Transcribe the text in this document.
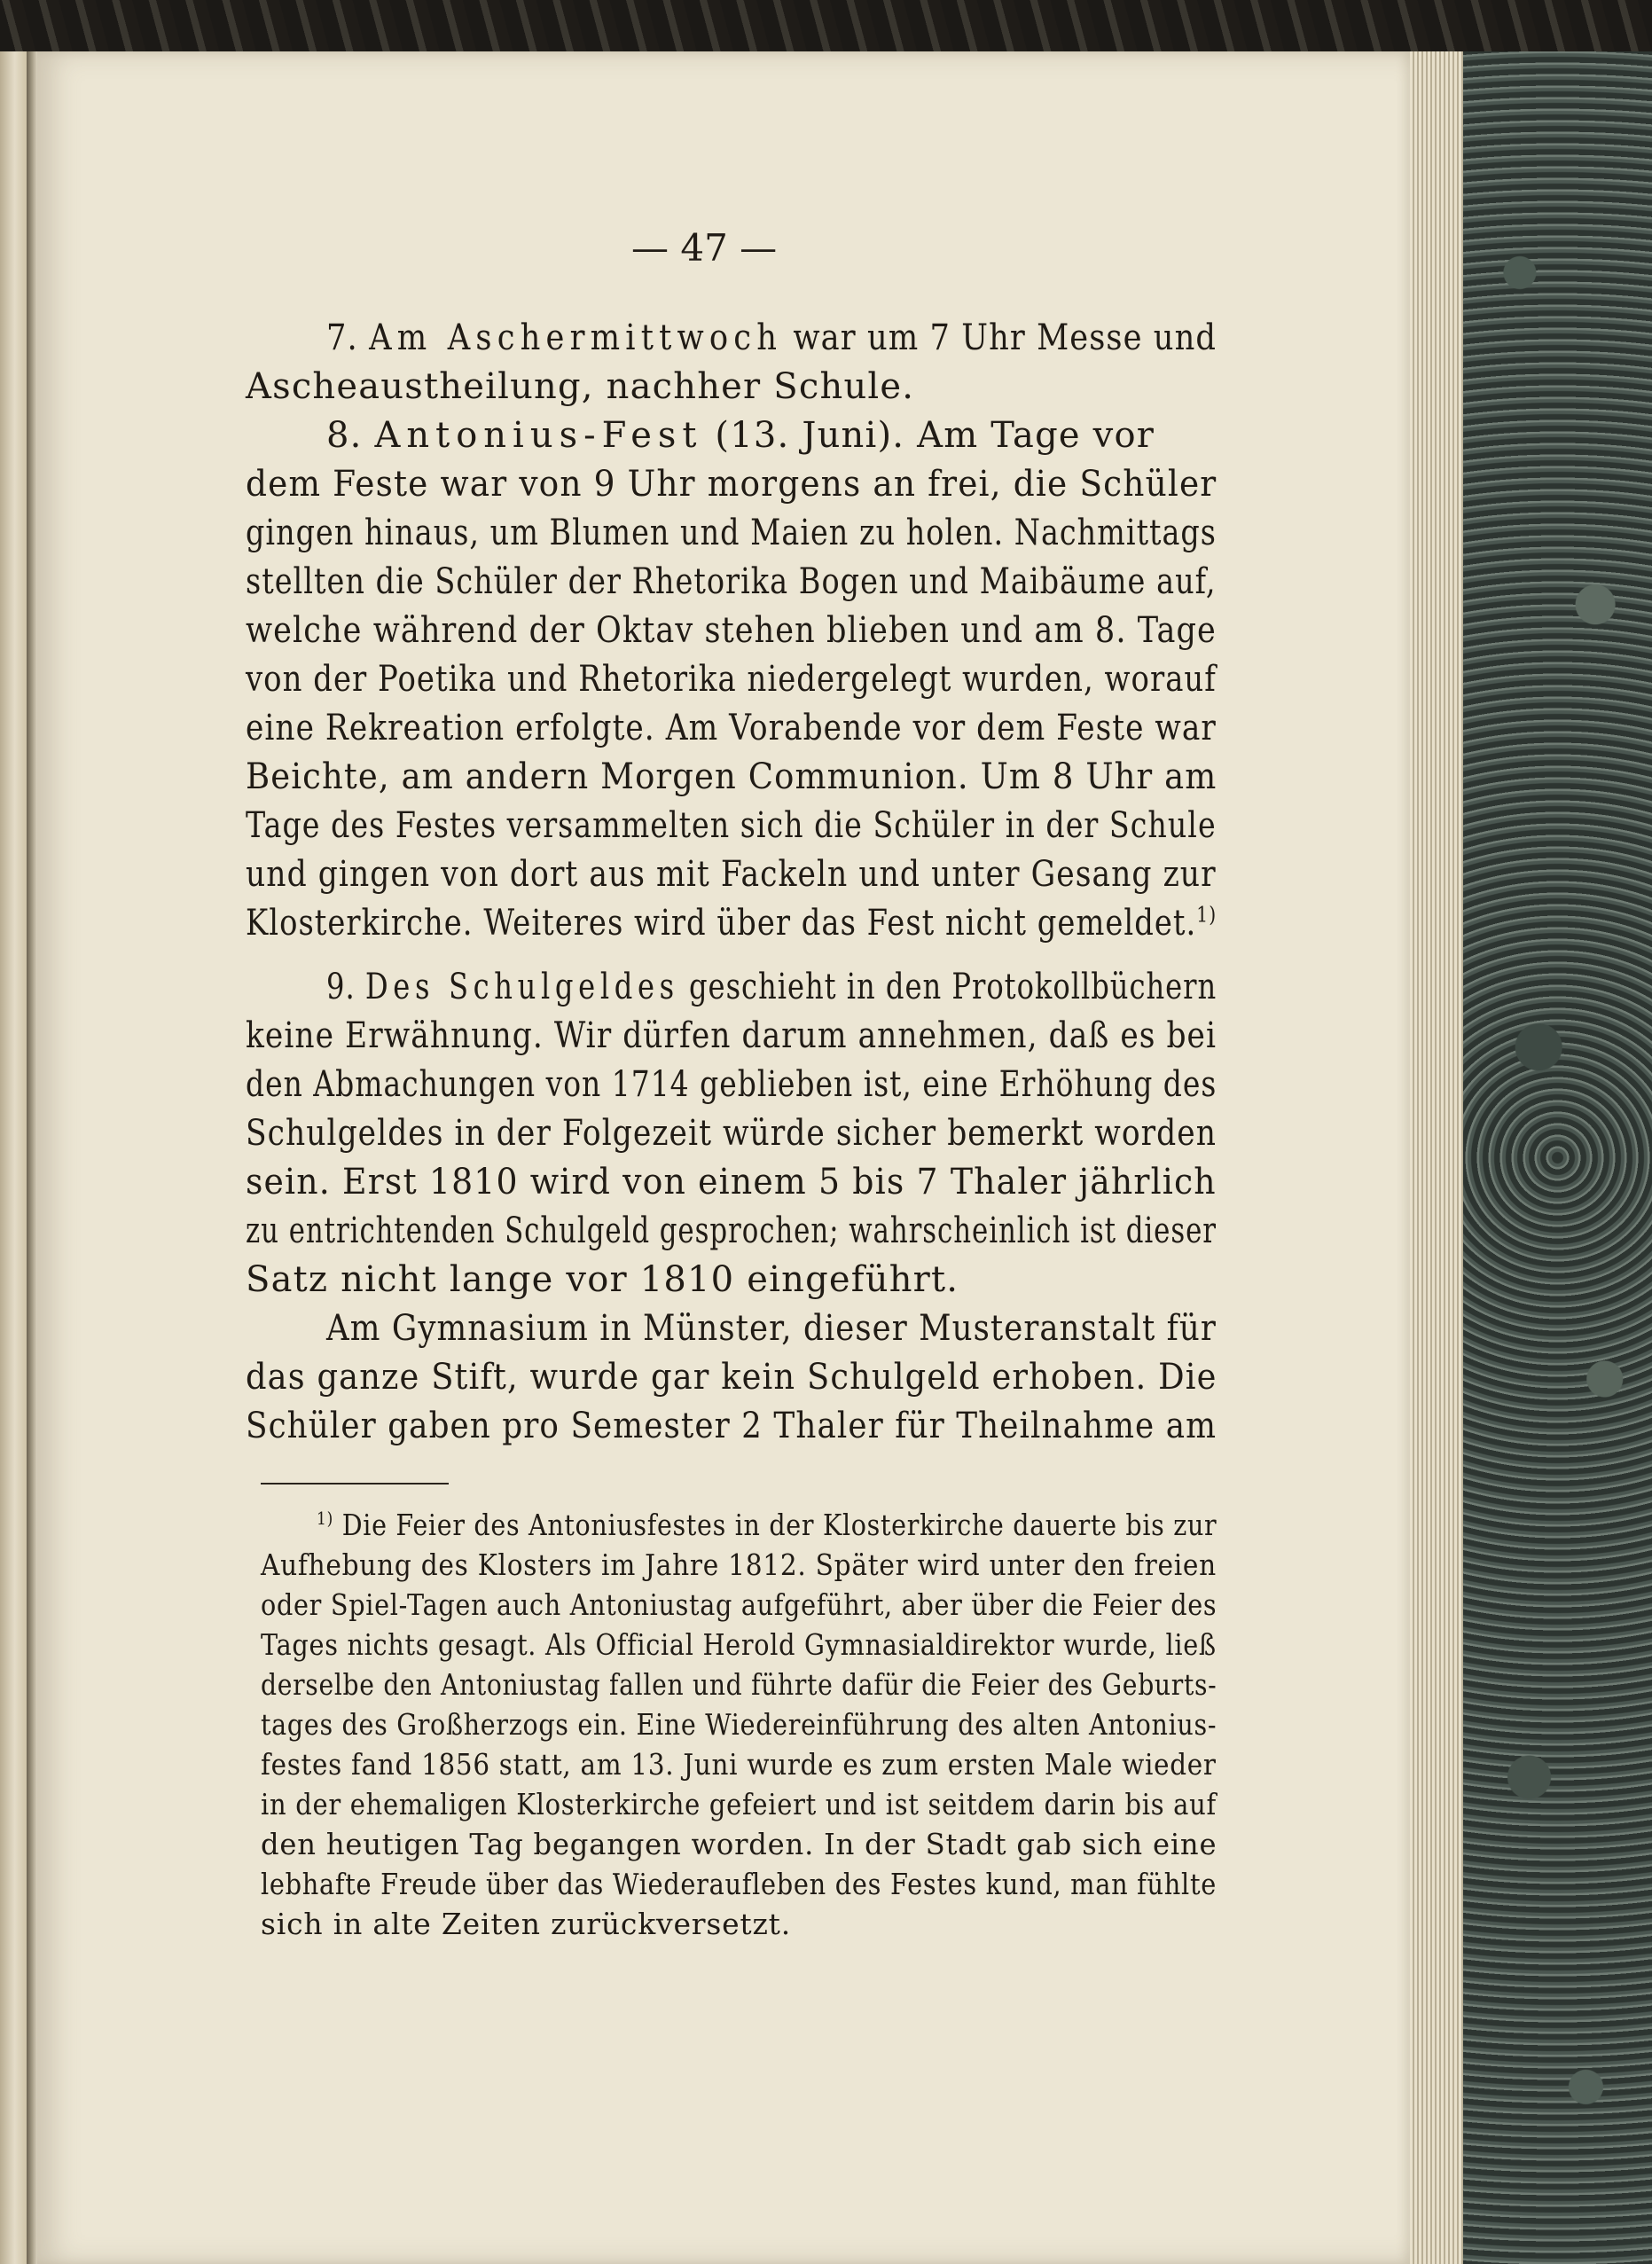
— 47 —
7. Am Aschermittwoch war um 7 Uhr Messe und
Ascheaustheilung, nachher Schule.
8. Antonius-Fest (13. Juni). Am Tage vor
dem Feste war von 9 Uhr morgens an frei, die Schüler
gingen hinaus, um Blumen und Maien zu holen. Nachmittags
stellten die Schüler der Rhetorika Bogen und Maibäume auf,
welche während der Oktav stehen blieben und am 8. Tage
von der Poetika und Rhetorika niedergelegt wurden, worauf
eine Rekreation erfolgte. Am Vorabende vor dem Feste war
Beichte, am andern Morgen Communion. Um 8 Uhr am
Tage des Festes versammelten sich die Schüler in der Schule
und gingen von dort aus mit Fackeln und unter Gesang zur
Klosterkirche. Weiteres wird über das Fest nicht gemeldet.$^{1)}$
9. Des Schulgeldes geschieht in den Protokollbüchern
keine Erwähnung. Wir dürfen darum annehmen, daß es bei
den Abmachungen von 1714 geblieben ist, eine Erhöhung des
Schulgeldes in der Folgezeit würde sicher bemerkt worden
sein. Erst 1810 wird von einem 5 bis 7 Thaler jährlich
zu entrichtenden Schulgeld gesprochen; wahrscheinlich ist dieser
Satz nicht lange vor 1810 eingeführt.
Am Gymnasium in Münster, dieser Musteranstalt für
das ganze Stift, wurde gar kein Schulgeld erhoben. Die
Schüler gaben pro Semester 2 Thaler für Theilnahme am
$^{1)}$ Die Feier des Antoniusfestes in der Klosterkirche dauerte bis zur
Aufhebung des Klosters im Jahre 1812. Später wird unter den freien
oder Spiel-Tagen auch Antoniustag aufgeführt, aber über die Feier des
Tages nichts gesagt. Als Official Herold Gymnasialdirektor wurde, ließ
derselbe den Antoniustag fallen und führte dafür die Feier des Geburts-
tages des Großherzogs ein. Eine Wiedereinführung des alten Antonius-
festes fand 1856 statt, am 13. Juni wurde es zum ersten Male wieder
in der ehemaligen Klosterkirche gefeiert und ist seitdem darin bis auf
den heutigen Tag begangen worden. In der Stadt gab sich eine
lebhafte Freude über das Wiederaufleben des Festes kund, man fühlte
sich in alte Zeiten zurückversetzt.
